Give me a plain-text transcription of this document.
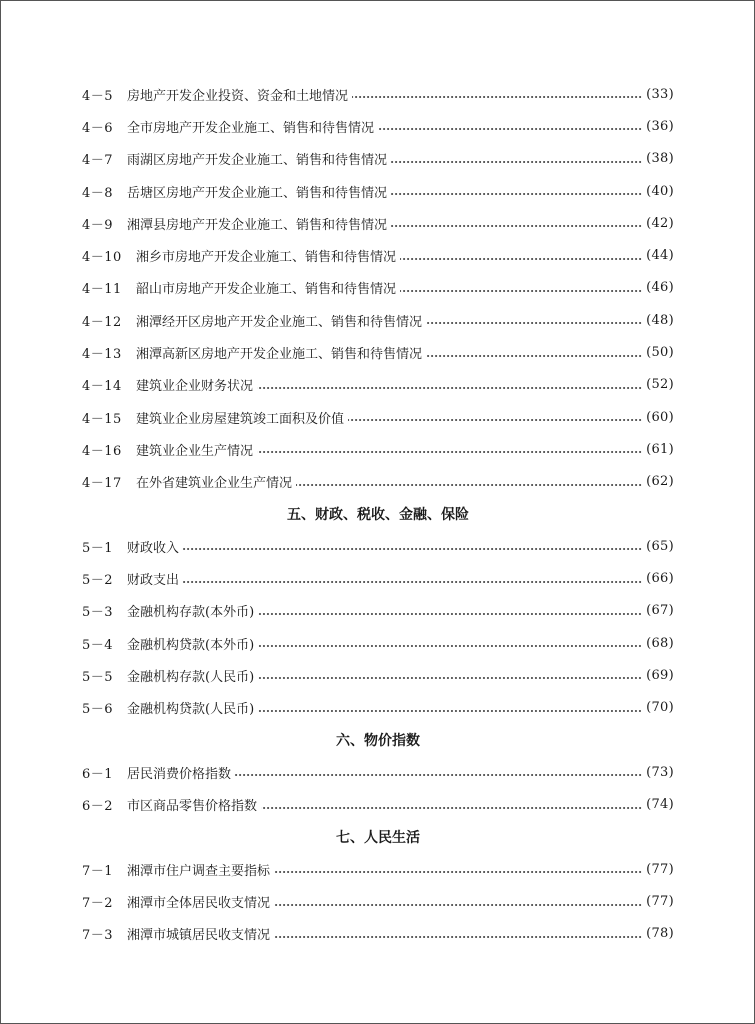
4－5	房地产开发企业投资、资金和土地情况	(33)
4－6	全市房地产开发企业施工、销售和待售情况	(36)
4－7	雨湖区房地产开发企业施工、销售和待售情况	(38)
4－8	岳塘区房地产开发企业施工、销售和待售情况	(40)
4－9	湘潭县房地产开发企业施工、销售和待售情况	(42)
4－10	湘乡市房地产开发企业施工、销售和待售情况	(44)
4－11	韶山市房地产开发企业施工、销售和待售情况	(46)
4－12	湘潭经开区房地产开发企业施工、销售和待售情况	(48)
4－13	湘潭高新区房地产开发企业施工、销售和待售情况	(50)
4－14	建筑业企业财务状况	(52)
4－15	建筑业企业房屋建筑竣工面积及价值	(60)
4－16	建筑业企业生产情况	(61)
4－17	在外省建筑业企业生产情况	(62)
五、财政、税收、金融、保险
5－1	财政收入	(65)
5－2	财政支出	(66)
5－3	金融机构存款(本外币)	(67)
5－4	金融机构贷款(本外币)	(68)
5－5	金融机构存款(人民币)	(69)
5－6	金融机构贷款(人民币)	(70)
六、物价指数
6－1	居民消费价格指数	(73)
6－2	市区商品零售价格指数	(74)
七、人民生活
7－1	湘潭市住户调查主要指标	(77)
7－2	湘潭市全体居民收支情况	(77)
7－3	湘潭市城镇居民收支情况	(78)
